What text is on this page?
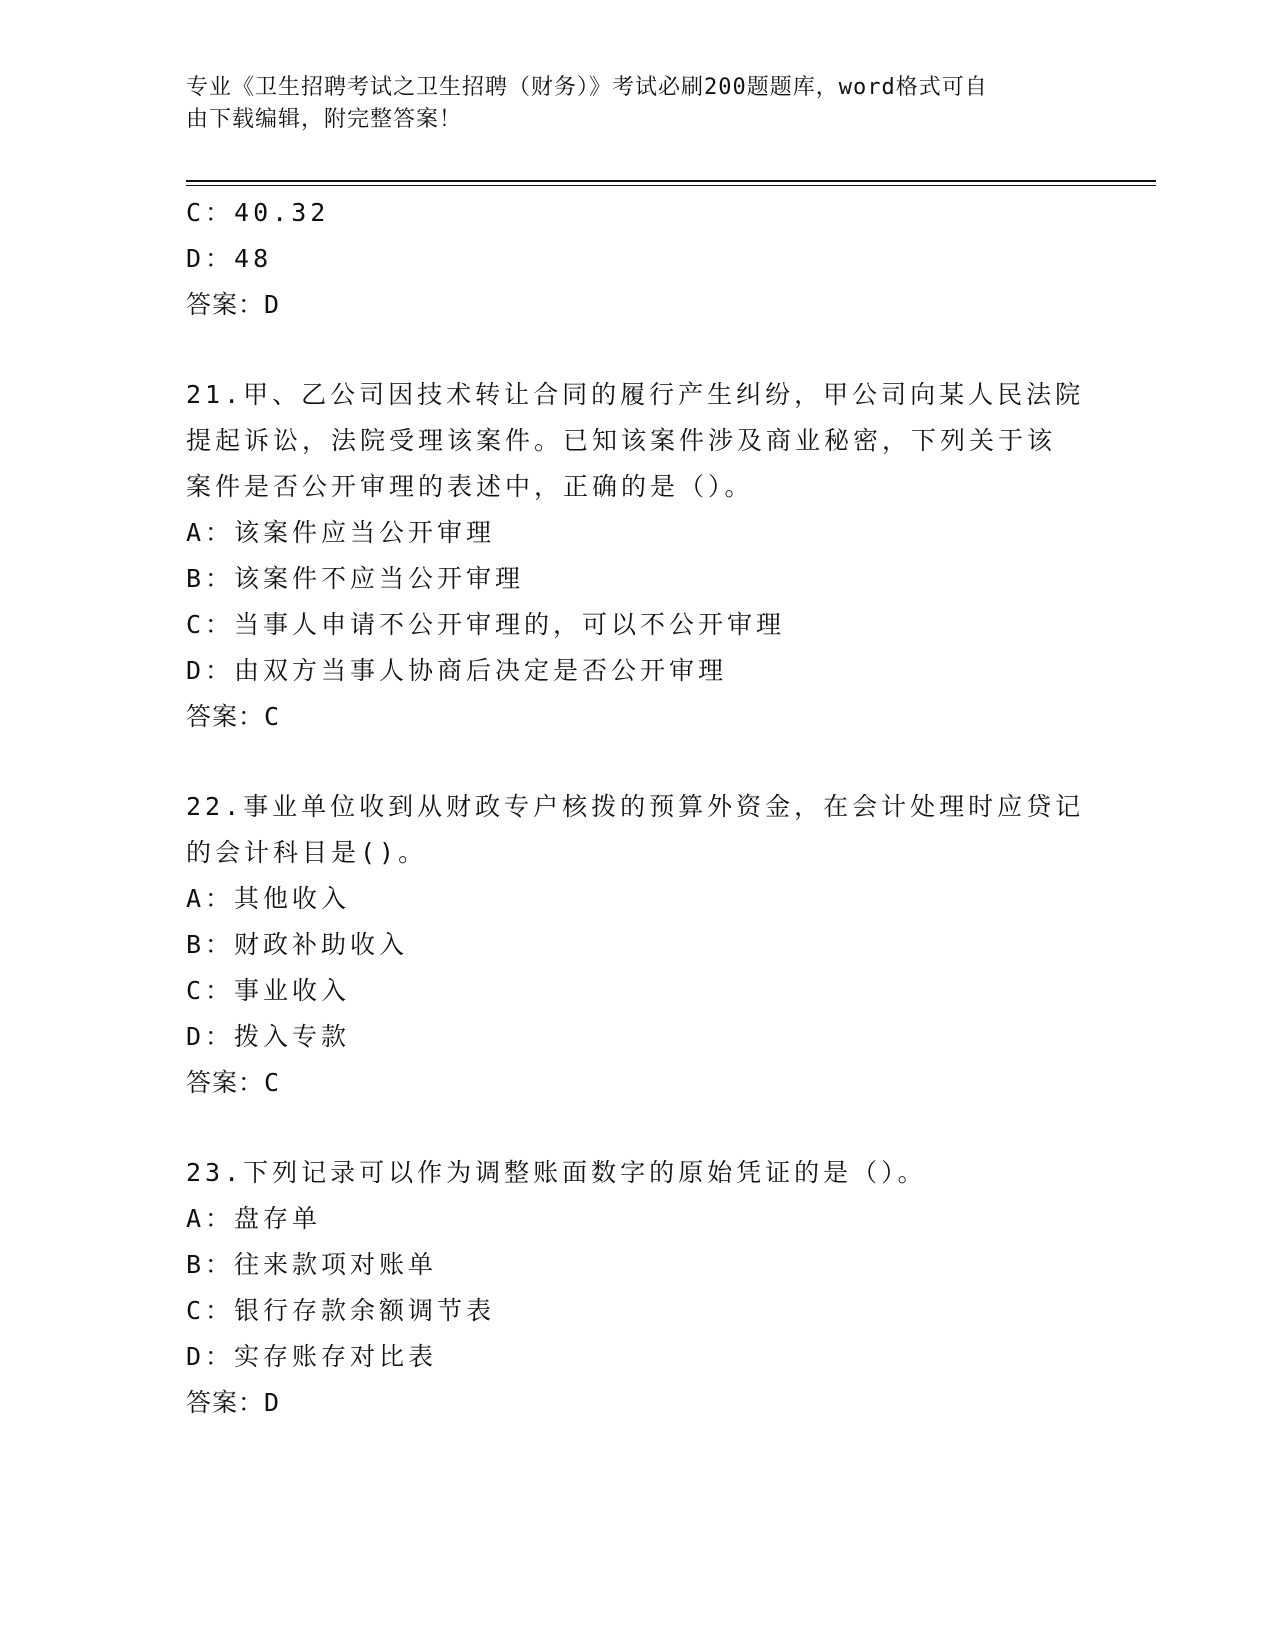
专业《卫生招聘考试之卫生招聘（财务）》考试必刷200题题库，word格式可自
由下载编辑，附完整答案！
C：40.32
D：48
答案：D
21.甲、乙公司因技术转让合同的履行产生纠纷，甲公司向某人民法院
提起诉讼，法院受理该案件。已知该案件涉及商业秘密，下列关于该
案件是否公开审理的表述中，正确的是（）。
A：该案件应当公开审理
B：该案件不应当公开审理
C：当事人申请不公开审理的，可以不公开审理
D：由双方当事人协商后决定是否公开审理
答案：C
22.事业单位收到从财政专户核拨的预算外资金，在会计处理时应贷记
的会计科目是()。
A：其他收入
B：财政补助收入
C：事业收入
D：拨入专款
答案：C
23.下列记录可以作为调整账面数字的原始凭证的是（）。
A：盘存单
B：往来款项对账单
C：银行存款余额调节表
D：实存账存对比表
答案：D
